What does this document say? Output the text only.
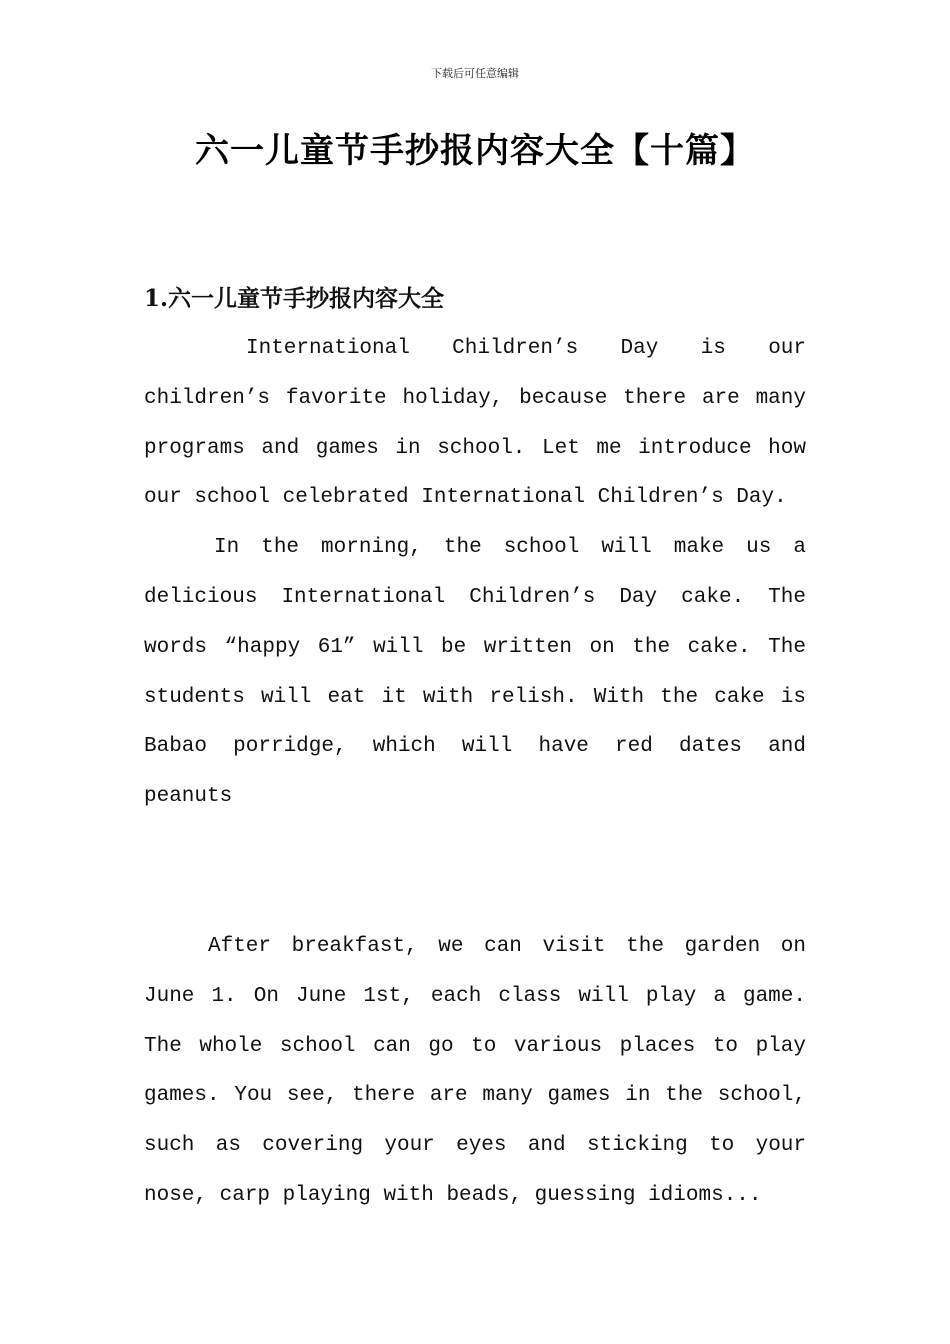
下载后可任意编辑
六一儿童节手抄报内容大全【十篇】
1.六一儿童节手抄报内容大全

International Children’s Day is our children’s favorite holiday, because there are many programs and games in school. Let me introduce how our school celebrated International Children’s Day.

In the morning, the school will make us a delicious International Children’s Day cake. The words “happy 61” will be written on the cake. The students will eat it with relish. With the cake is Babao porridge, which will have red dates and peanuts

After breakfast, we can visit the garden on June 1. On June 1st, each class will play a game. The whole school can go to various places to play games. You see, there are many games in the school, such as covering your eyes and sticking to your nose, carp playing with beads, guessing idioms...
